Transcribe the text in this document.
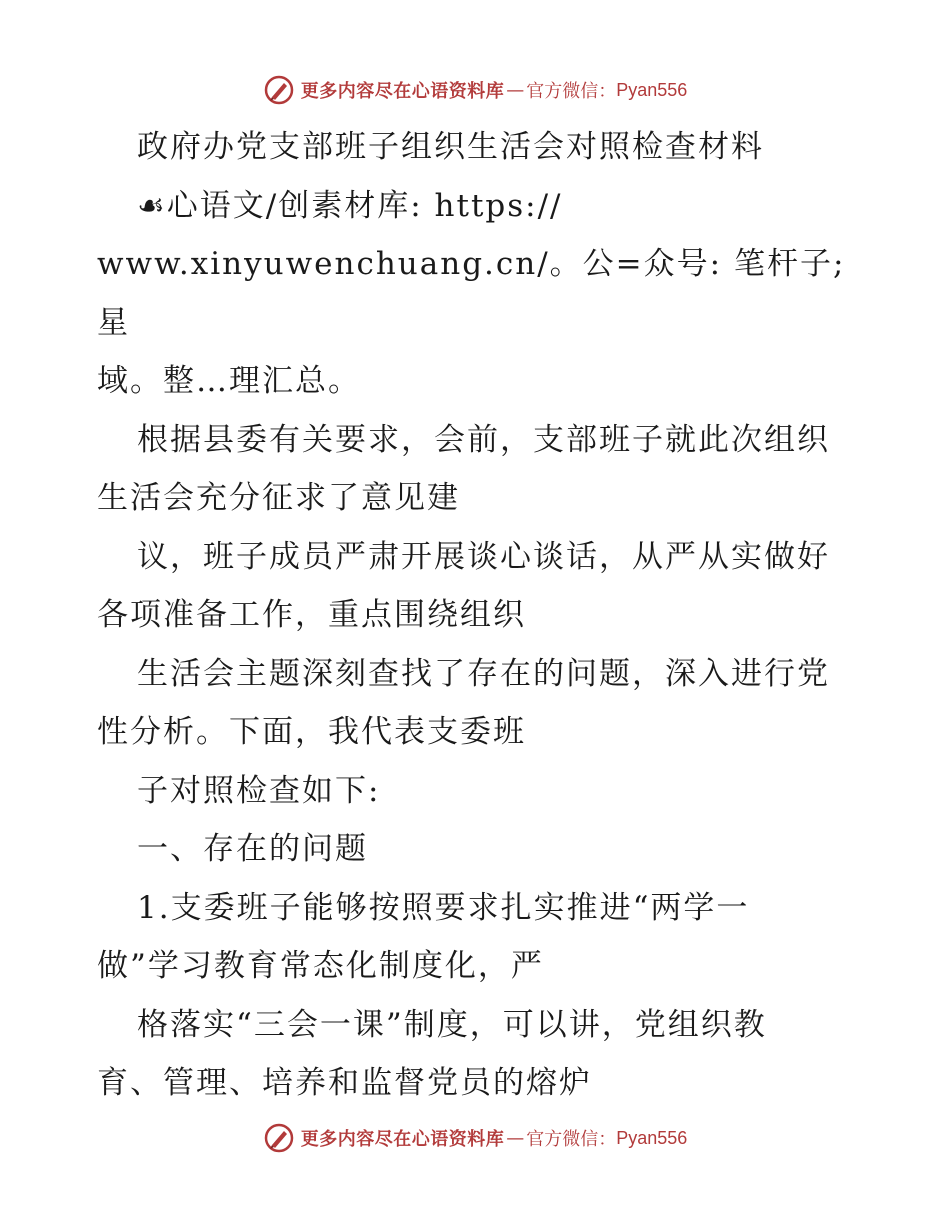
更多内容尽在心语资料库 — 官方微信： Pyan556

政府办党支部班子组织生活会对照检查材料

☙心语文/创素材库: https://

www.xinyuwenchuang.cn/。公=众号: 笔杆子;星

域。整…理汇总。

根据县委有关要求，会前，支部班子就此次组织

生活会充分征求了意见建

议，班子成员严肃开展谈心谈话，从严从实做好

各项准备工作，重点围绕组织

生活会主题深刻查找了存在的问题，深入进行党

性分析。下面，我代表支委班

子对照检查如下:

一、存在的问题

1.支委班子能够按照要求扎实推进“两学一

做”学习教育常态化制度化，严

格落实“三会一课”制度，可以讲，党组织教

育、管理、培养和监督党员的熔炉

更多内容尽在心语资料库 — 官方微信： Pyan556
